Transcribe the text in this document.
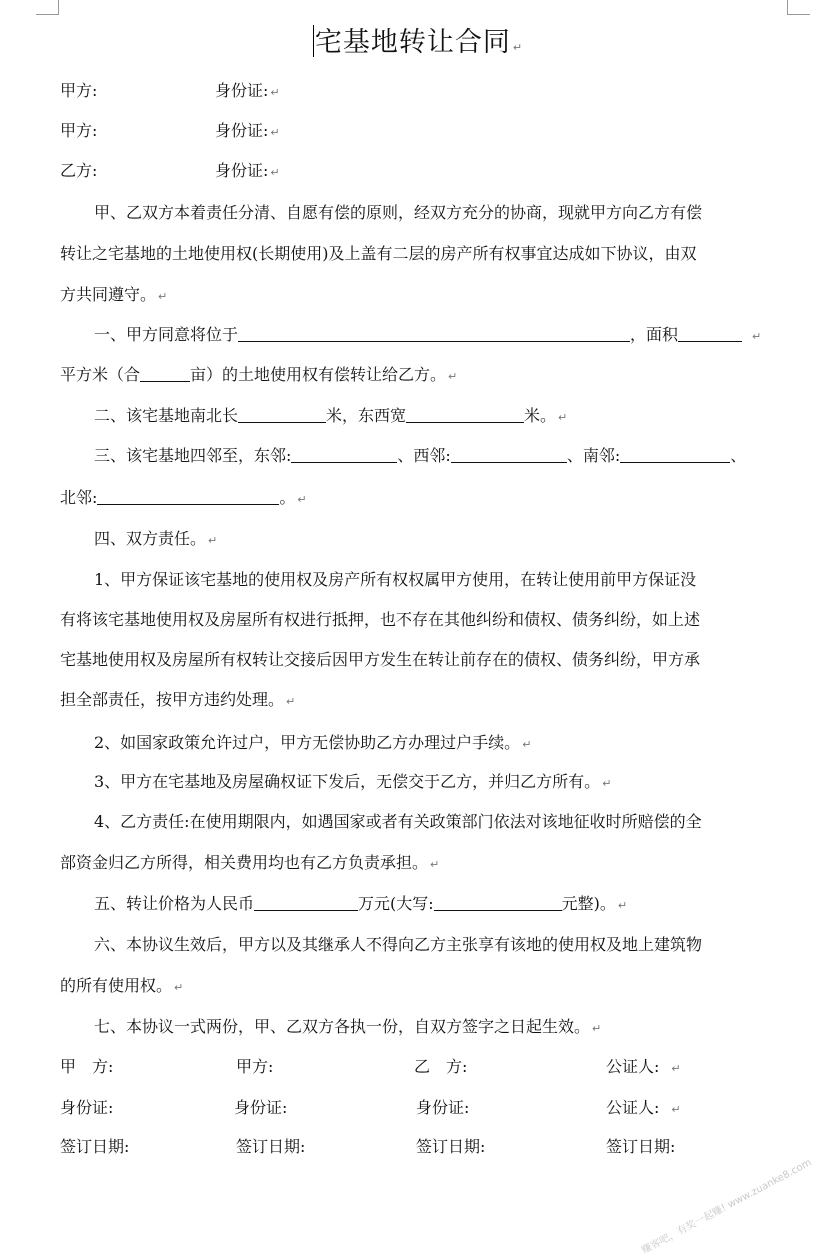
宅基地转让合同 ↵
甲方:	身份证: ↵
甲方:	身份证: ↵
乙方:	身份证: ↵
甲、乙双方本着责任分清、自愿有偿的原则，经双方充分的协商，现就甲方向乙方有偿
转让之宅基地的土地使用权(长期使用)及上盖有二层的房产所有权事宜达成如下协议，由双
方共同遵守。 ↵
一、甲方同意将位于	，面积	↵
平方米（合	亩）的土地使用权有偿转让给乙方。 ↵
二、该宅基地南北长	米，东西宽	米。 ↵
三、该宅基地四邻至，东邻:	、西邻:	、南邻:	、
北邻:	。 ↵
四、双方责任。 ↵
1、甲方保证该宅基地的使用权及房产所有权权属甲方使用，在转让使用前甲方保证没
有将该宅基地使用权及房屋所有权进行抵押，也不存在其他纠纷和债权、债务纠纷，如上述
宅基地使用权及房屋所有权转让交接后因甲方发生在转让前存在的债权、债务纠纷，甲方承
担全部责任，按甲方违约处理。 ↵
2、如国家政策允许过户，甲方无偿协助乙方办理过户手续。 ↵
3、甲方在宅基地及房屋确权证下发后，无偿交于乙方，并归乙方所有。 ↵
4、乙方责任:在使用期限内，如遇国家或者有关政策部门依法对该地征收时所赔偿的全
部资金归乙方所得，相关费用均也有乙方负责承担。 ↵
五、转让价格为人民币	万元(大写:	元整)。 ↵
六、本协议生效后，甲方以及其继承人不得向乙方主张享有该地的使用权及地上建筑物
的所有使用权。 ↵
七、本协议一式两份，甲、乙双方各执一份，自双方签字之日起生效。 ↵
甲　方:	甲方:	乙　方:	公证人: ↵
身份证:	身份证:	身份证:	公证人: ↵
签订日期:	签订日期:	签订日期:	签订日期:
赚客吧，有奖一起赚! www.zuanke8.com
